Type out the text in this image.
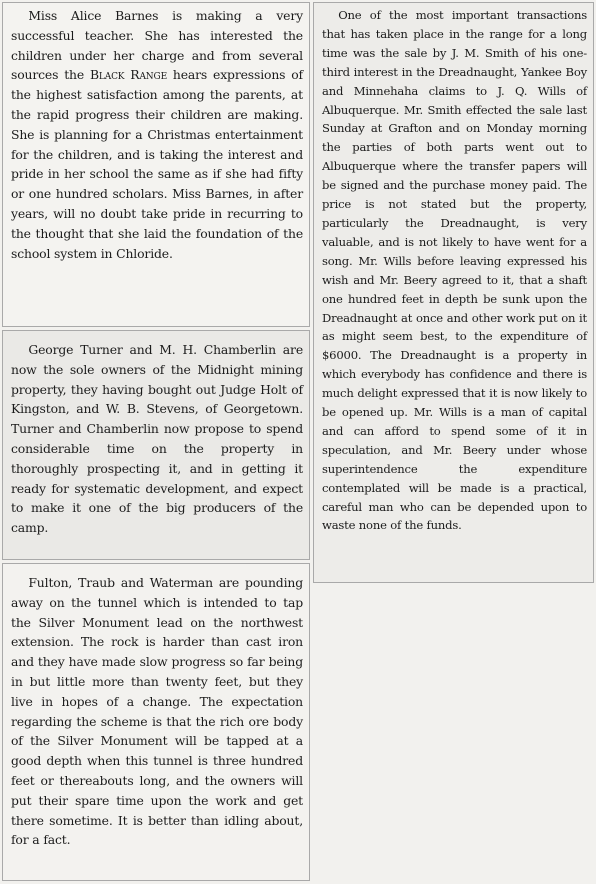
Miss Alice Barnes is making a very successful teacher. She has interested the children under her charge and from several sources the Black Range hears expressions of the highest satisfaction among the parents, at the rapid progress their children are making. She is planning for a Christmas entertainment for the children, and is taking the interest and pride in her school the same as if she had fifty or one hundred scholars. Miss Barnes, in after years, will no doubt take pride in recurring to the thought that she laid the foundation of the school system in Chloride.

George Turner and M. H. Chamberlin are now the sole owners of the Midnight mining property, they having bought out Judge Holt of Kingston, and W. B. Stevens, of Georgetown. Turner and Chamberlin now propose to spend considerable time on the property in thoroughly prospecting it, and in getting it ready for systematic development, and expect to make it one of the big producers of the camp.

Fulton, Traub and Waterman are pounding away on the tunnel which is intended to tap the Silver Monument lead on the northwest extension. The rock is harder than cast iron and they have made slow progress so far being in but little more than twenty feet, but they live in hopes of a change. The expectation regarding the scheme is that the rich ore body of the Silver Monument will be tapped at a good depth when this tunnel is three hundred feet or thereabouts long, and the owners will put their spare time upon the work and get there sometime. It is better than idling about, for a fact.

One of the most important transactions that has taken place in the range for a long time was the sale by J. M. Smith of his one-third interest in the Dreadnaught, Yankee Boy and Minnehaha claims to J. Q. Wills of Albuquerque. Mr. Smith effected the sale last Sunday at Grafton and on Monday morning the parties of both parts went out to Albuquerque where the transfer papers will be signed and the purchase money paid. The price is not stated but the property, particularly the Dreadnaught, is very valuable, and is not likely to have went for a song. Mr. Wills before leaving expressed his wish and Mr. Beery agreed to it, that a shaft one hundred feet in depth be sunk upon the Dreadnaught at once and other work put on it as might seem best, to the expenditure of $6000. The Dreadnaught is a property in which everybody has confidence and there is much delight expressed that it is now likely to be opened up. Mr. Wills is a man of capital and can afford to spend some of it in speculation, and Mr. Beery under whose superintendence the expenditure contemplated will be made is a practical, careful man who can be depended upon to waste none of the funds.
